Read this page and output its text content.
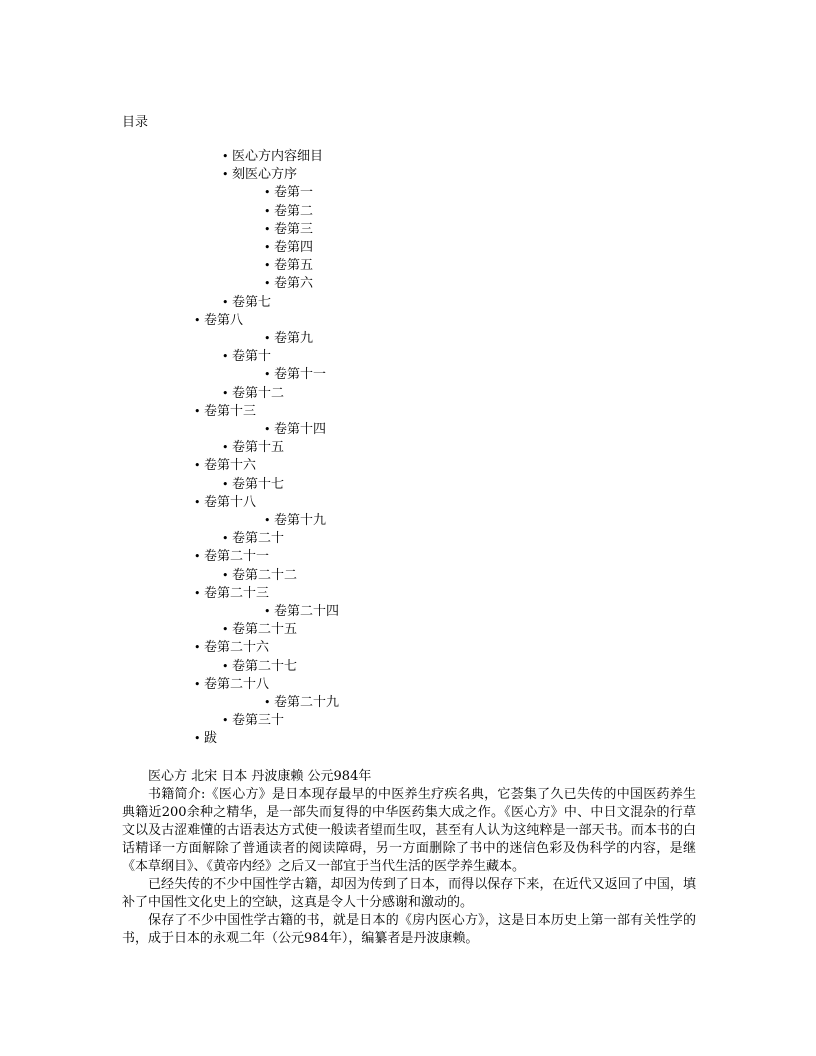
目录
• 医心方内容细目
• 刻医心方序
• 卷第一
• 卷第二
• 卷第三
• 卷第四
• 卷第五
• 卷第六
• 卷第七
• 卷第八
• 卷第九
• 卷第十
• 卷第十一
• 卷第十二
• 卷第十三
• 卷第十四
• 卷第十五
• 卷第十六
• 卷第十七
• 卷第十八
• 卷第十九
• 卷第二十
• 卷第二十一
• 卷第二十二
• 卷第二十三
• 卷第二十四
• 卷第二十五
• 卷第二十六
• 卷第二十七
• 卷第二十八
• 卷第二十九
• 卷第三十
• 跋

医心方 北宋 日本 丹波康赖 公元984年

书籍简介:《医心方》是日本现存最早的中医养生疗疾名典，它荟集了久已失传的中国医药养生典籍近200余种之精华，是一部失而复得的中华医药集大成之作。《医心方》中、中日文混杂的行草文以及古涩难懂的古语表达方式使一般读者望而生叹，甚至有人认为这纯粹是一部天书。而本书的白话精译一方面解除了普通读者的阅读障碍，另一方面删除了书中的迷信色彩及伪科学的内容，是继《本草纲目》、《黄帝内经》之后又一部宜于当代生活的医学养生藏本。

已经失传的不少中国性学古籍，却因为传到了日本，而得以保存下来，在近代又返回了中国，填补了中国性文化史上的空缺，这真是令人十分感谢和激动的。

保存了不少中国性学古籍的书，就是日本的《房内医心方》，这是日本历史上第一部有关性学的书，成于日本的永观二年（公元984年），编纂者是丹波康赖。
